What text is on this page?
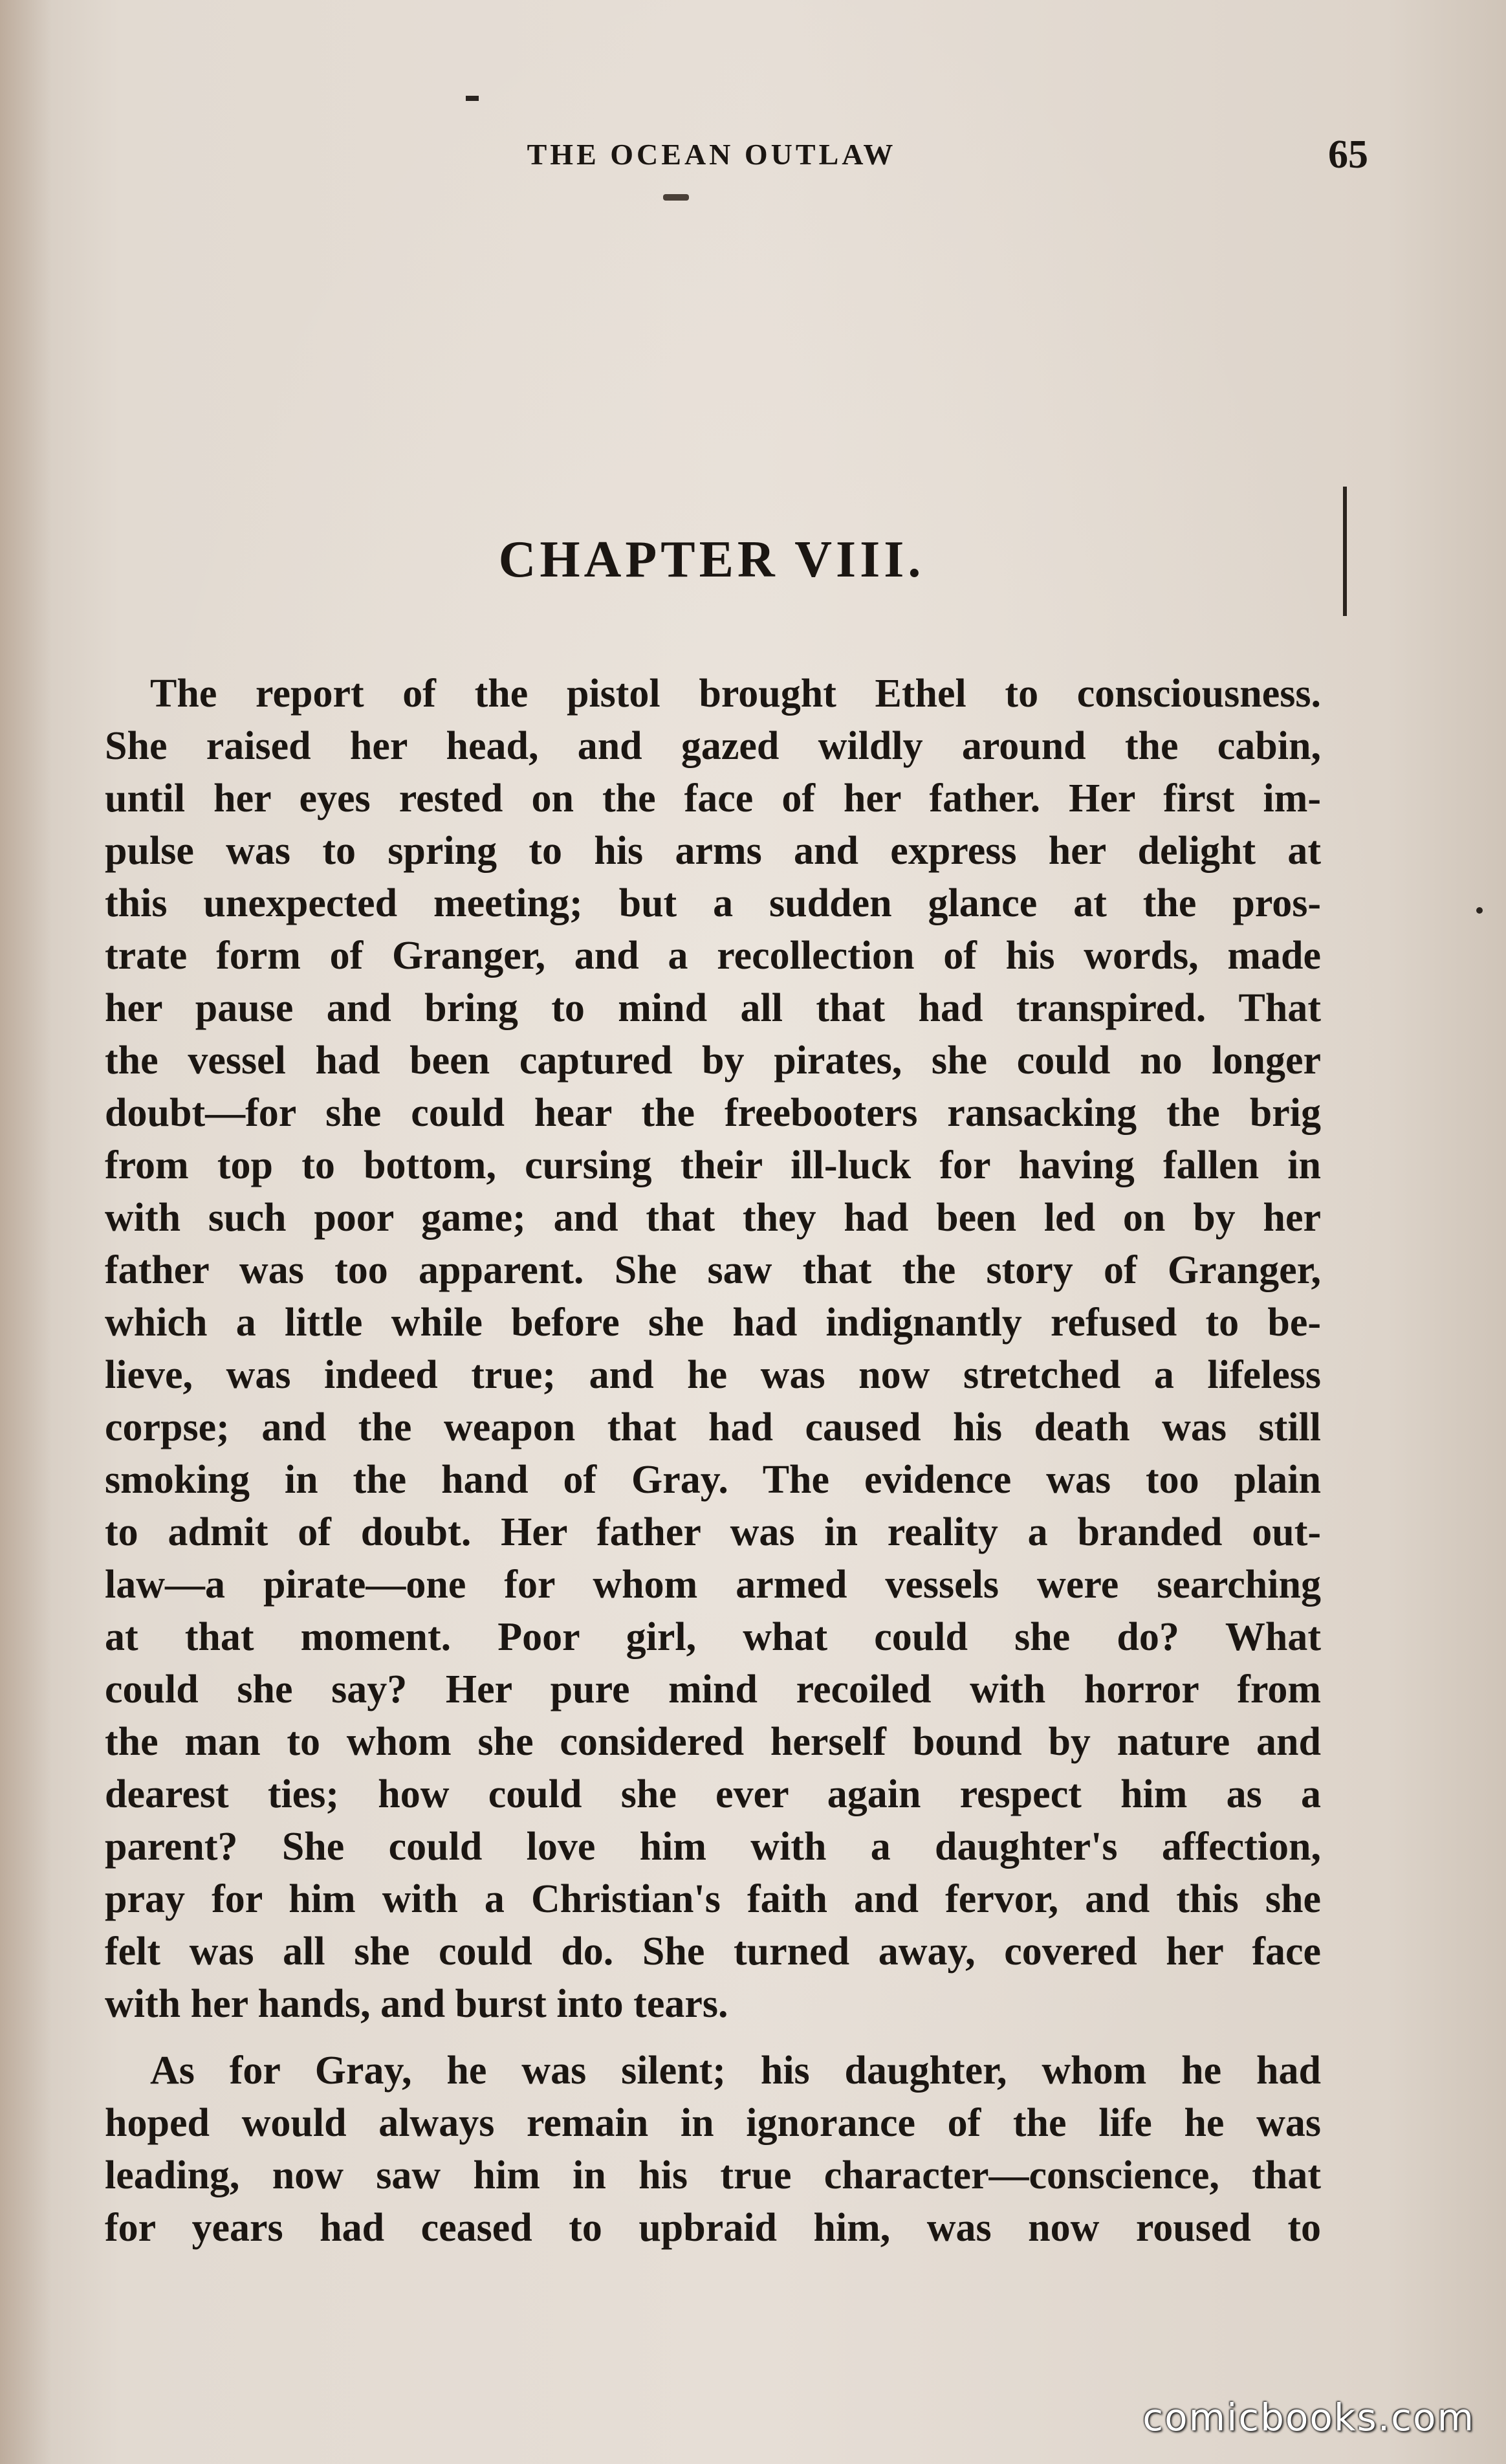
THE OCEAN OUTLAW	65
CHAPTER VIII.
The report of the pistol brought Ethel to consciousness.
She raised her head, and gazed wildly around the cabin,
until her eyes rested on the face of her father. Her first im-
pulse was to spring to his arms and express her delight at
this unexpected meeting; but a sudden glance at the pros-
trate form of Granger, and a recollection of his words, made
her pause and bring to mind all that had transpired. That
the vessel had been captured by pirates, she could no longer
doubt—for she could hear the freebooters ransacking the brig
from top to bottom, cursing their ill-luck for having fallen in
with such poor game; and that they had been led on by her
father was too apparent. She saw that the story of Granger,
which a little while before she had indignantly refused to be-
lieve, was indeed true; and he was now stretched a lifeless
corpse; and the weapon that had caused his death was still
smoking in the hand of Gray. The evidence was too plain
to admit of doubt. Her father was in reality a branded out-
law—a pirate—one for whom armed vessels were searching
at that moment. Poor girl, what could she do? What
could she say? Her pure mind recoiled with horror from
the man to whom she considered herself bound by nature and
dearest ties; how could she ever again respect him as a
parent? She could love him with a daughter's affection,
pray for him with a Christian's faith and fervor, and this she
felt was all she could do. She turned away, covered her face
with her hands, and burst into tears.
As for Gray, he was silent; his daughter, whom he had
hoped would always remain in ignorance of the life he was
leading, now saw him in his true character—conscience, that
for years had ceased to upbraid him, was now roused to
comicbooks.com
